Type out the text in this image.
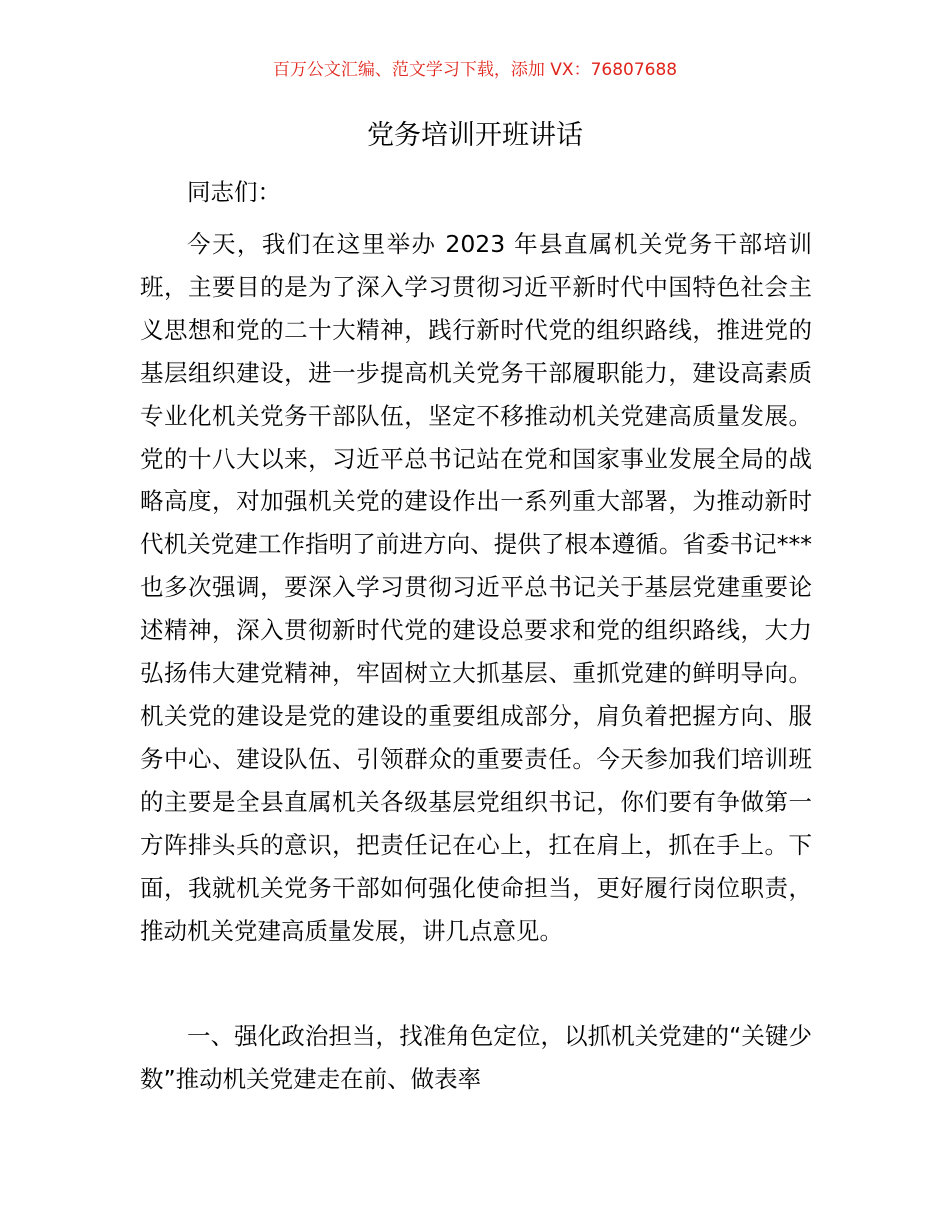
百万公文汇编、范文学习下载，添加 VX：76807688
党务培训开班讲话

同志们：

今天，我们在这里举办 2023 年县直属机关党务干部培训班，主要目的是为了深入学习贯彻习近平新时代中国特色社会主义思想和党的二十大精神，践行新时代党的组织路线，推进党的基层组织建设，进一步提高机关党务干部履职能力，建设高素质专业化机关党务干部队伍，坚定不移推动机关党建高质量发展。党的十八大以来，习近平总书记站在党和国家事业发展全局的战略高度，对加强机关党的建设作出一系列重大部署，为推动新时代机关党建工作指明了前进方向、提供了根本遵循。省委书记***也多次强调，要深入学习贯彻习近平总书记关于基层党建重要论述精神，深入贯彻新时代党的建设总要求和党的组织路线，大力弘扬伟大建党精神，牢固树立大抓基层、重抓党建的鲜明导向。机关党的建设是党的建设的重要组成部分，肩负着把握方向、服务中心、建设队伍、引领群众的重要责任。今天参加我们培训班的主要是全县直属机关各级基层党组织书记，你们要有争做第一方阵排头兵的意识，把责任记在心上，扛在肩上，抓在手上。下面，我就机关党务干部如何强化使命担当，更好履行岗位职责，推动机关党建高质量发展，讲几点意见。

一、强化政治担当，找准角色定位，以抓机关党建的“关键少数”推动机关党建走在前、做表率
